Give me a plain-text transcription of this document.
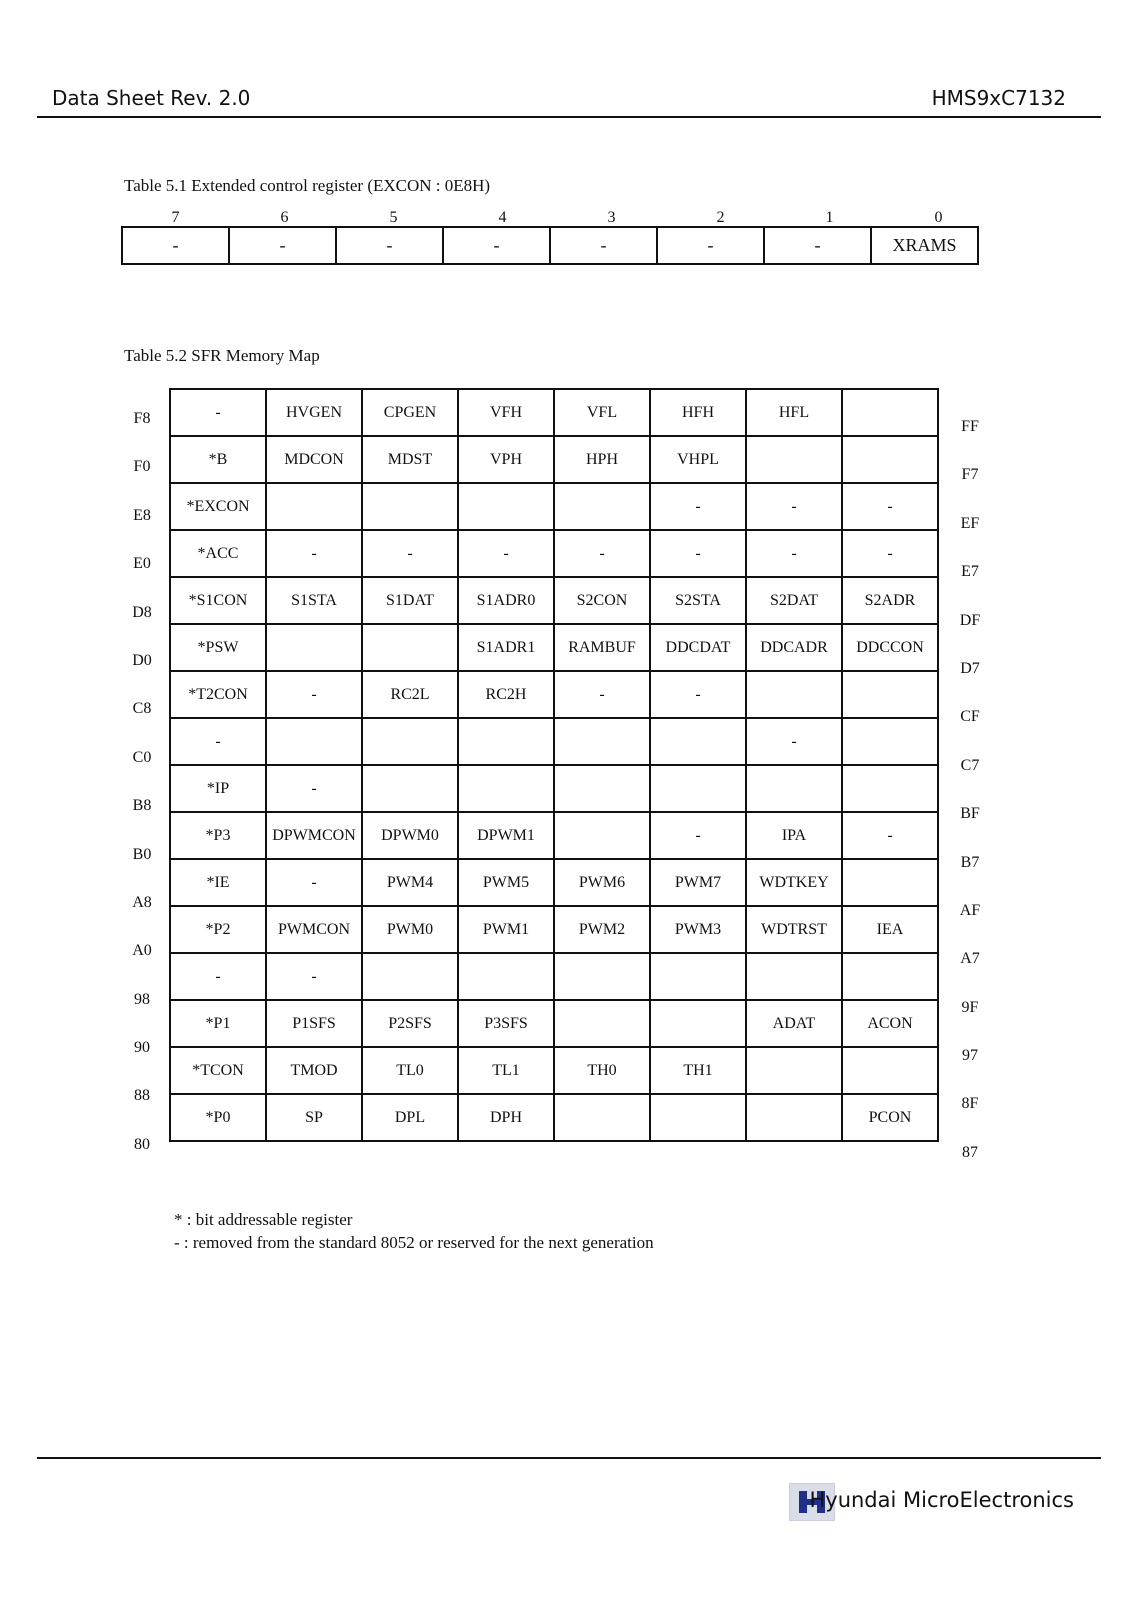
Data Sheet Rev. 2.0	HMS9xC7132
Table 5.1 Extended control register (EXCON : 0E8H)
7	6	5	4	3	2	1	0
-	-	-	-	-	-	-	XRAMS
Table 5.2 SFR Memory Map
F8
F0
E8
E0
D8
D0
C8
C0
B8
B0
A8
A0
98
90
88
80
-	HVGEN	CPGEN	VFH	VFL	HFH	HFL	
*B	MDCON	MDST	VPH	HPH	VHPL		
*EXCON					-	-	-
*ACC	-	-	-	-	-	-	-
*S1CON	S1STA	S1DAT	S1ADR0	S2CON	S2STA	S2DAT	S2ADR
*PSW			S1ADR1	RAMBUF	DDCDAT	DDCADR	DDCCON
*T2CON	-	RC2L	RC2H	-	-		
-						-	
*IP	-						
*P3	DPWMCON	DPWM0	DPWM1		-	IPA	-
*IE	-	PWM4	PWM5	PWM6	PWM7	WDTKEY	
*P2	PWMCON	PWM0	PWM1	PWM2	PWM3	WDTRST	IEA
-	-						
*P1	P1SFS	P2SFS	P3SFS			ADAT	ACON
*TCON	TMOD	TL0	TL1	TH0	TH1		
*P0	SP	DPL	DPH				PCON
FF
F7
EF
E7
DF
D7
CF
C7
BF
B7
AF
A7
9F
97
8F
87
* : bit addressable register
- : removed from the standard 8052 or reserved for the next generation
Hyundai MicroElectronics
